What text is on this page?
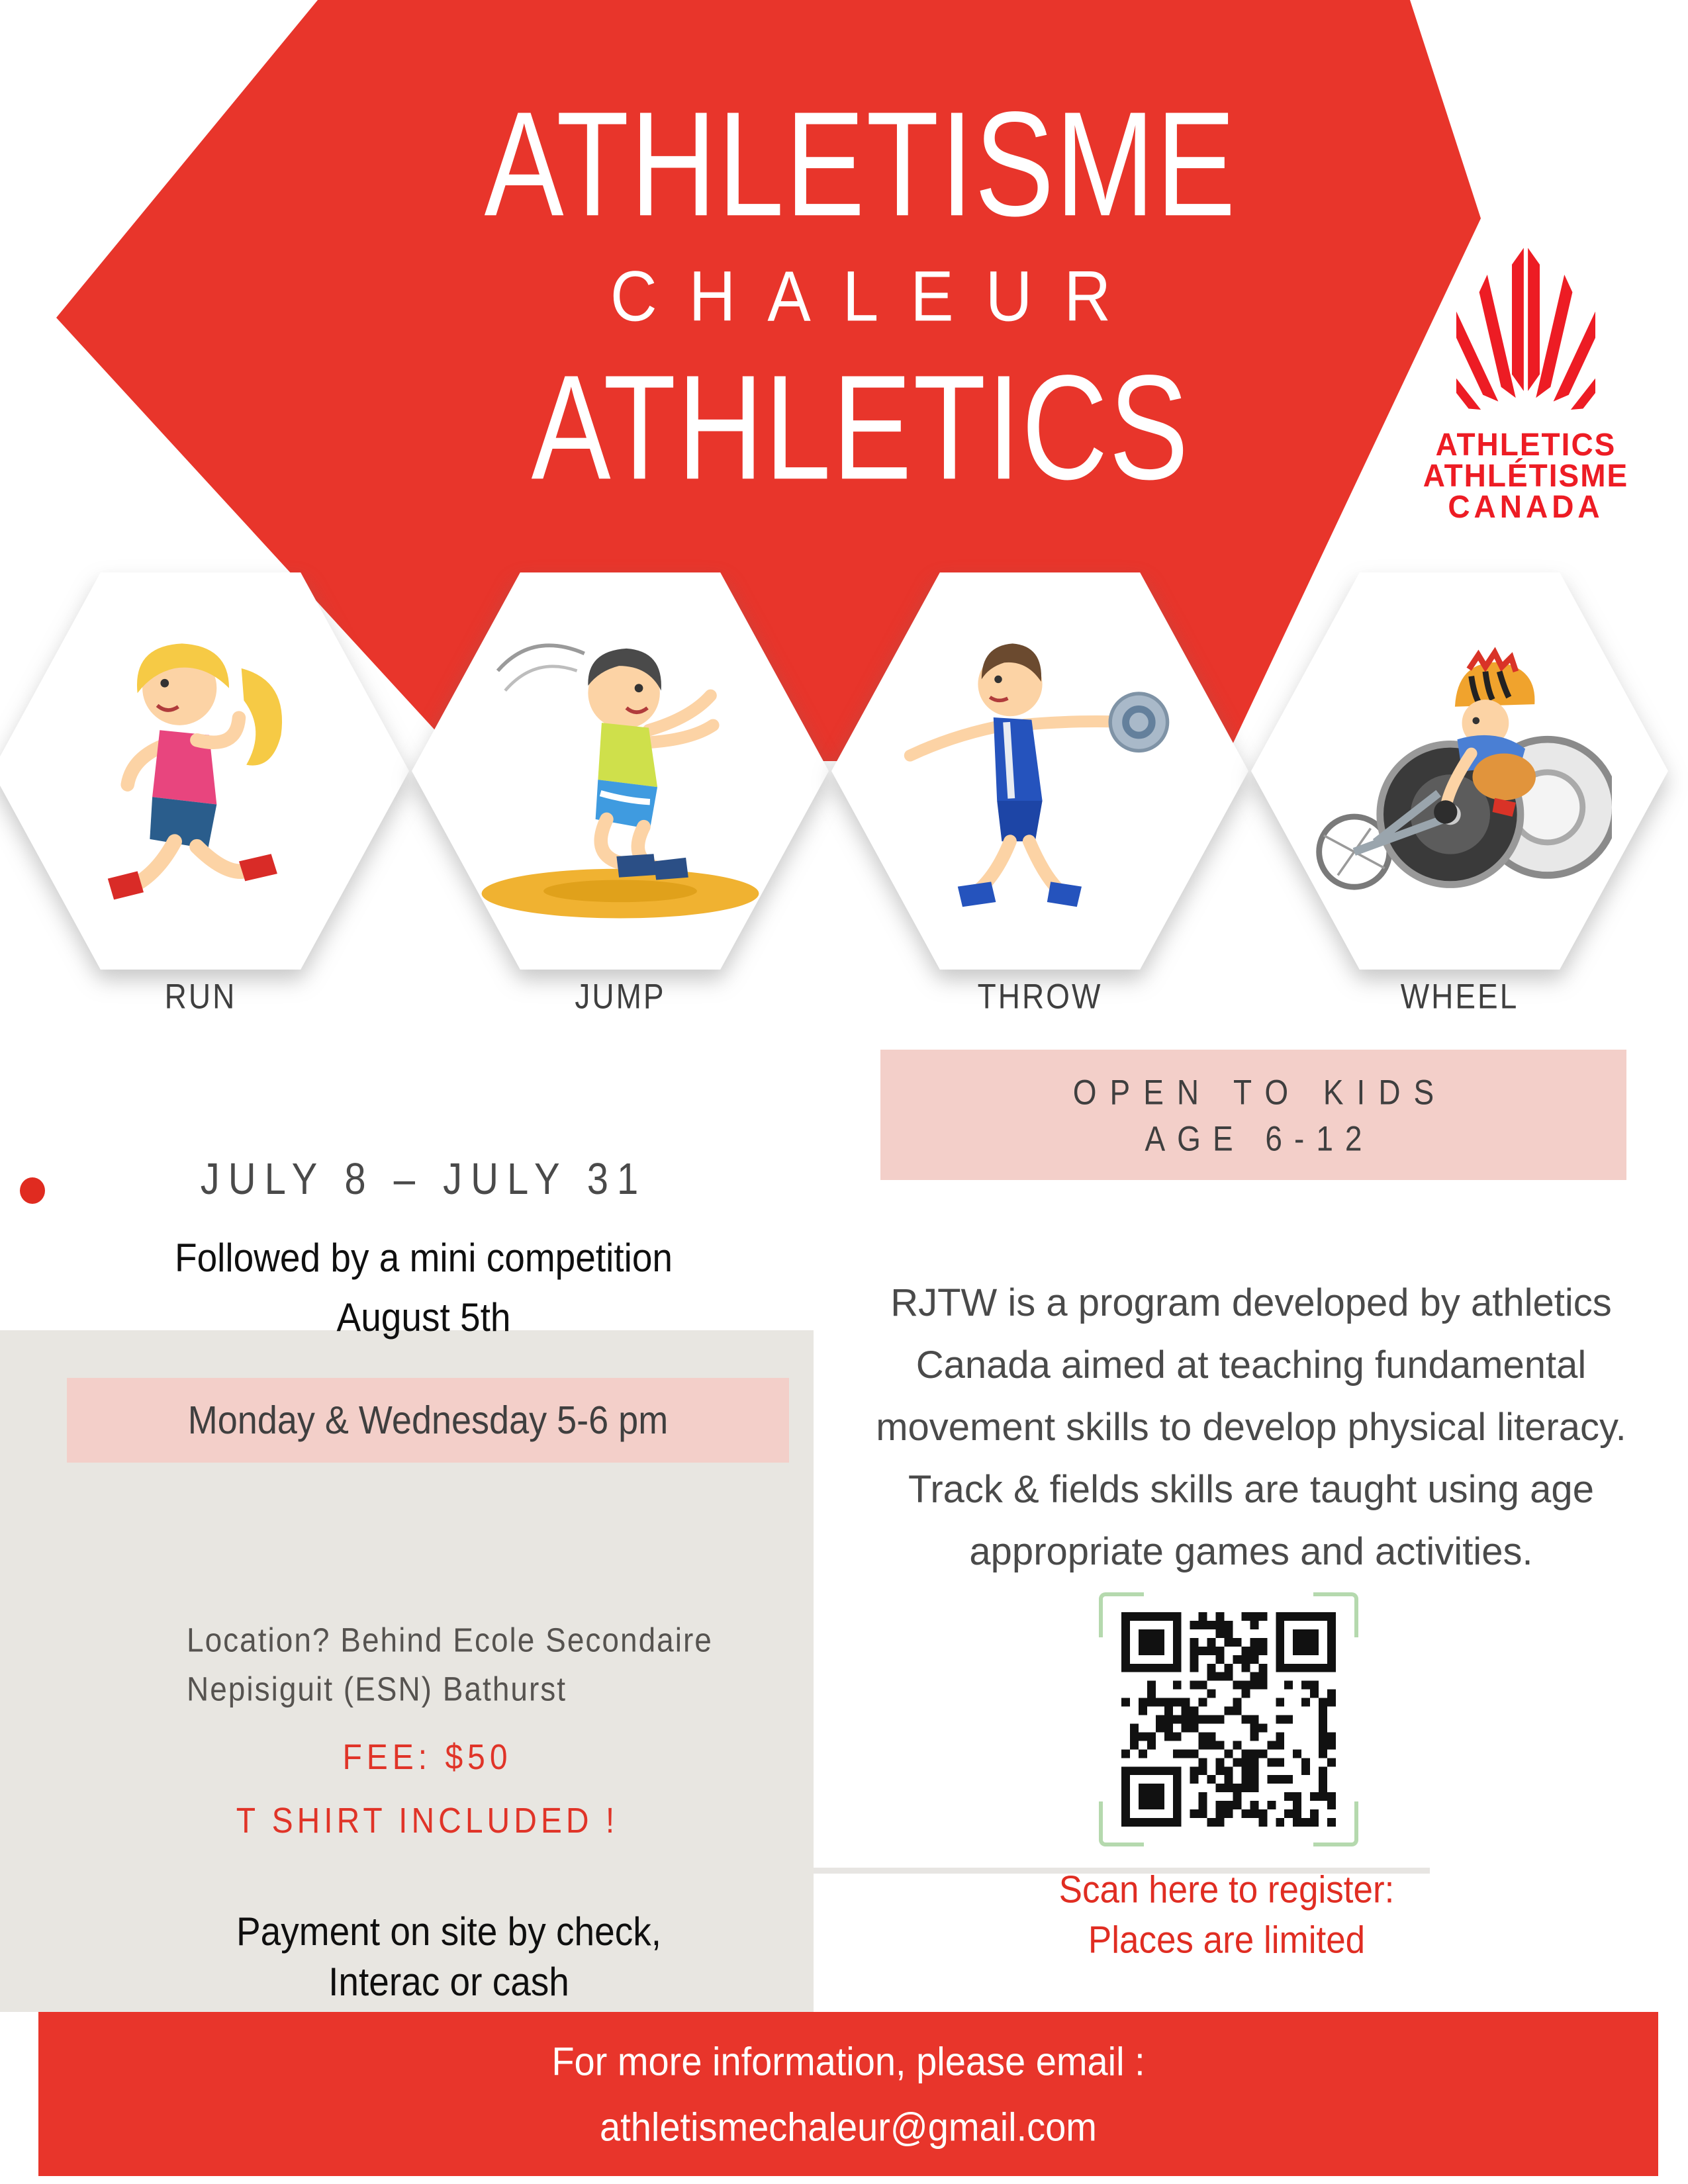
ATHLETISME
CHALEUR
ATHLETICS	ATHLETICS
ATHLÉTISME
CANADA
RUN	JUMP	THROW	WHEEL
OPEN TO KIDS
AGE 6-12
JULY 8 – JULY 31
Followed by a mini competition
August 5th
Monday & Wednesday 5-6 pm
Location? Behind Ecole Secondaire
Nepisiguit (ESN) Bathurst
FEE: $50
T SHIRT INCLUDED !
Payment on site by check,
Interac or cash
RJTW is a program developed by athletics
Canada aimed at teaching fundamental
movement skills to develop physical literacy.
Track & fields skills are taught using age
appropriate games and activities.
Scan here to register:
Places are limited
For more information, please email :
athletismechaleur@gmail.com
